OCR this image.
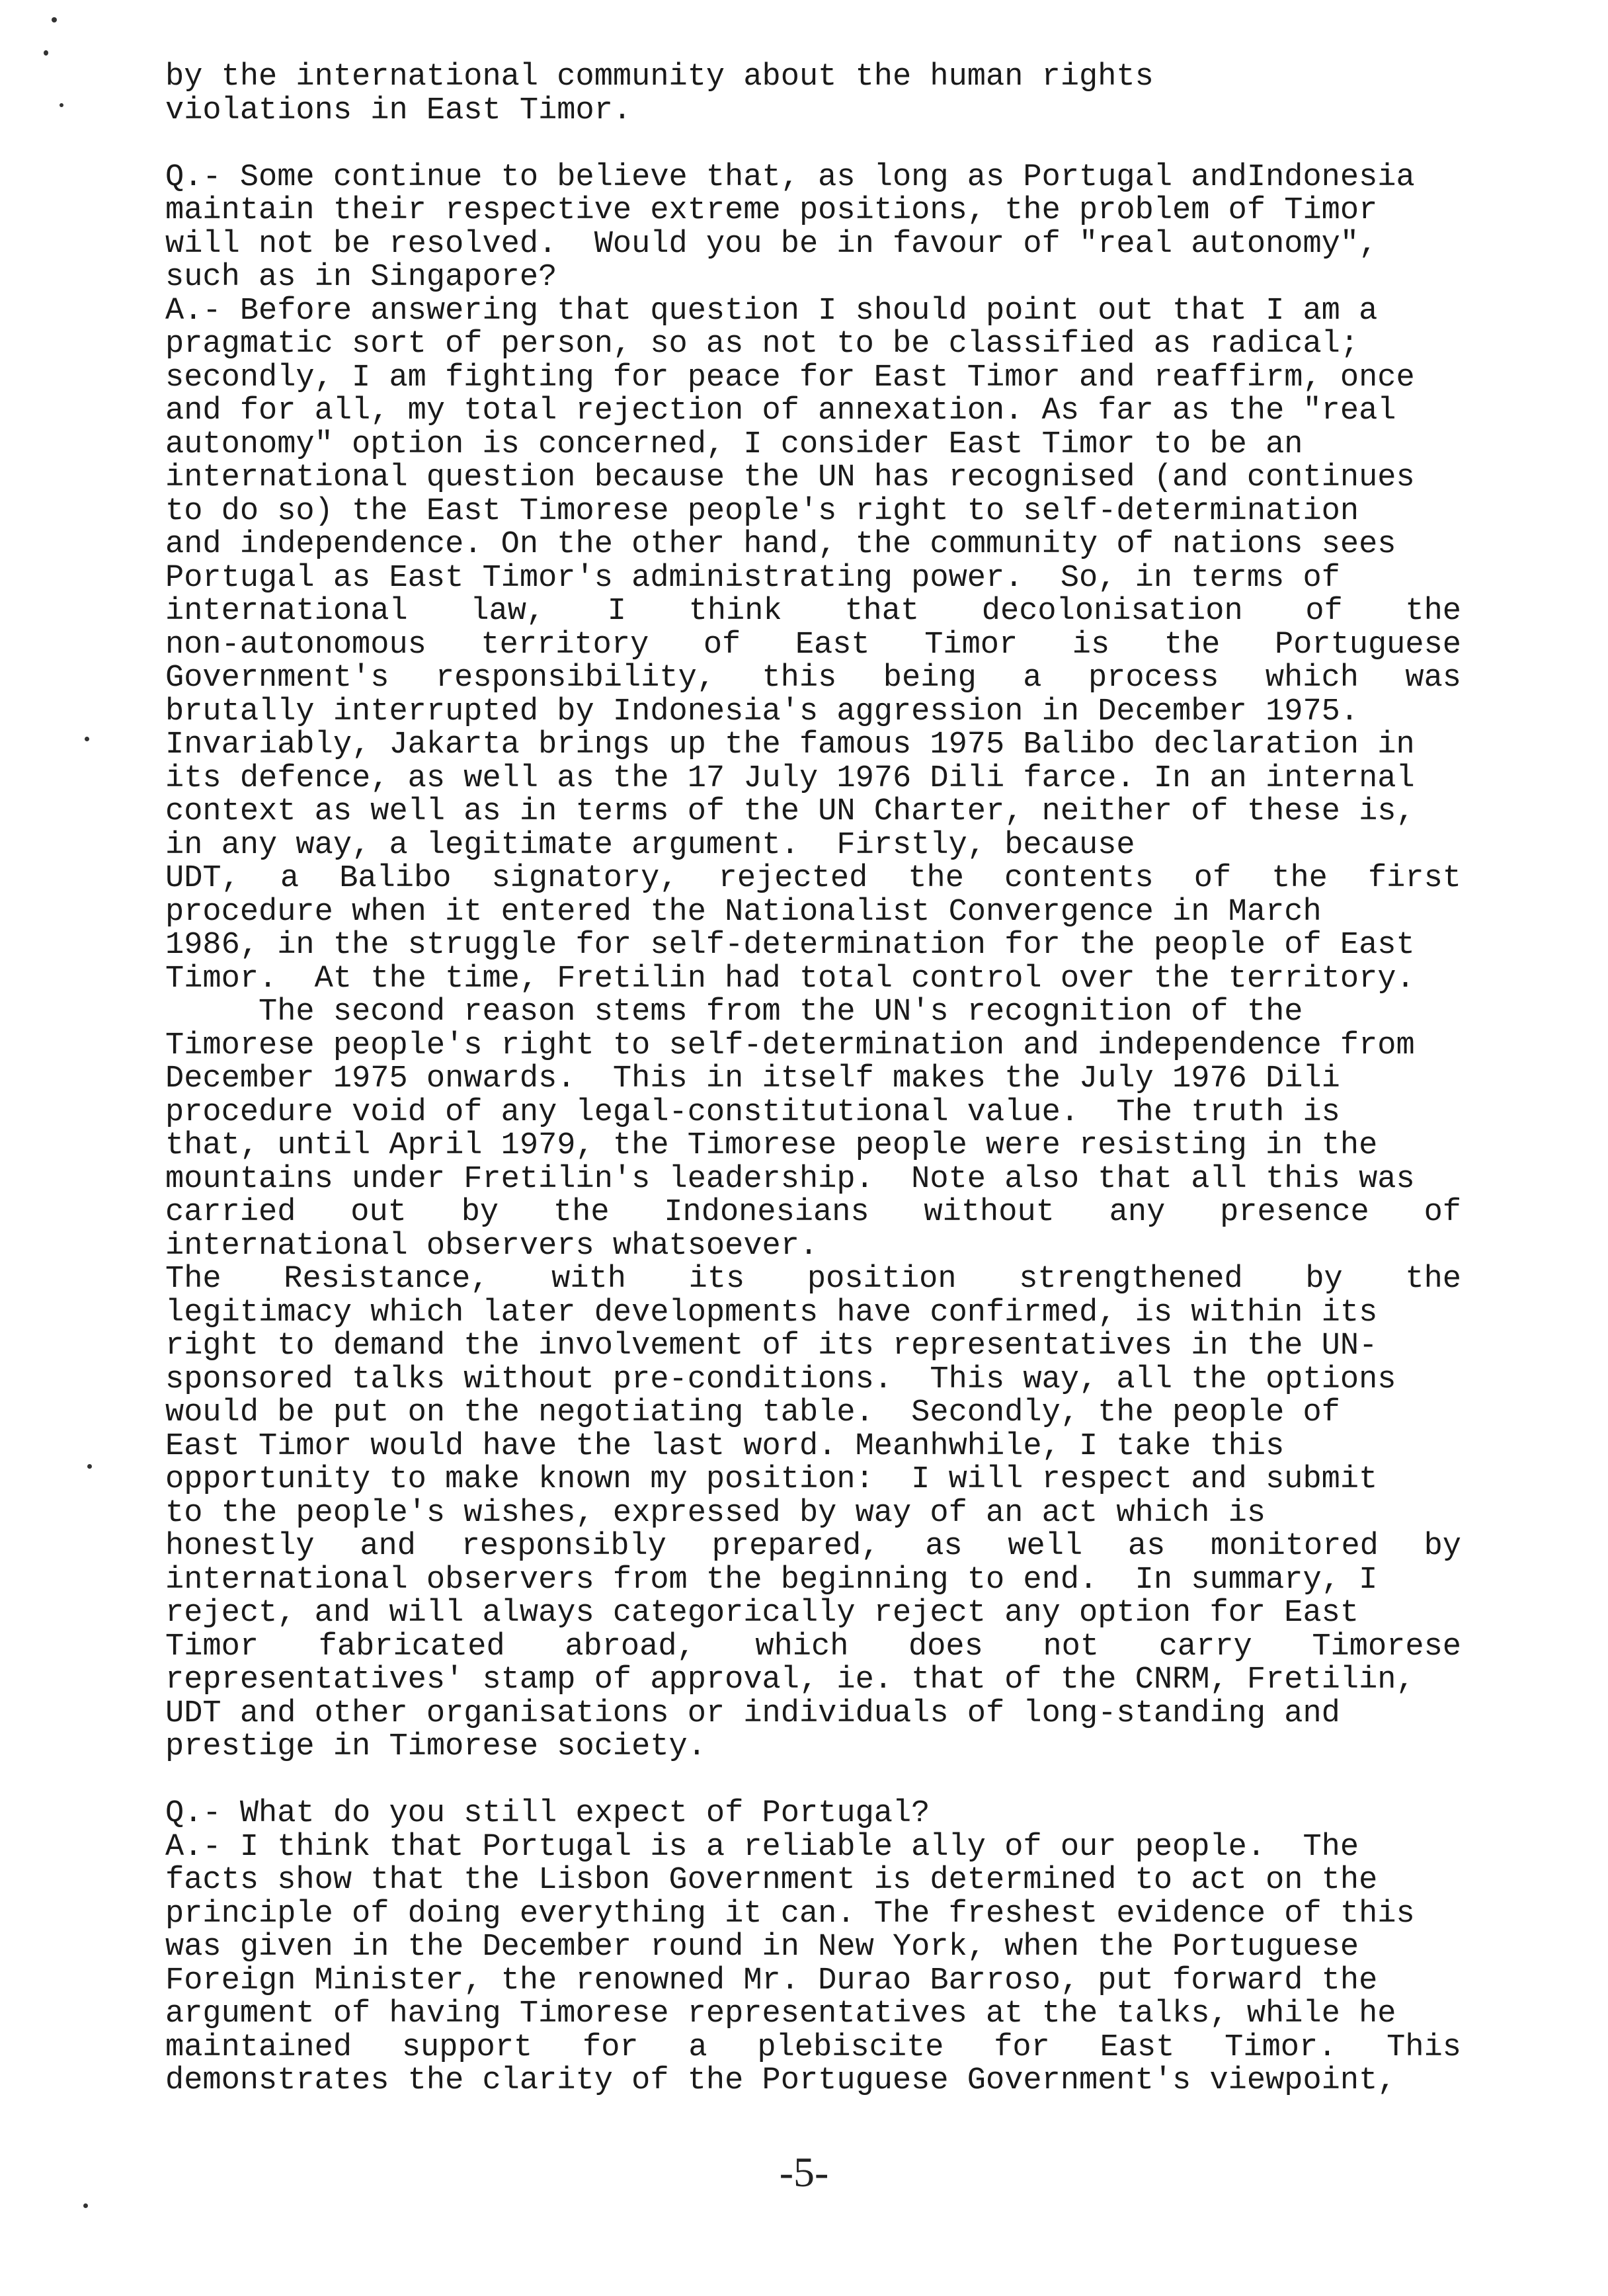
by the international community about the human rights
violations in East Timor.
Q.- Some continue to believe that, as long as Portugal andIndonesia
maintain their respective extreme positions, the problem of Timor
will not be resolved.  Would you be in favour of "real autonomy",
such as in Singapore?
A.- Before answering that question I should point out that I am a
pragmatic sort of person, so as not to be classified as radical;
secondly, I am fighting for peace for East Timor and reaffirm, once
and for all, my total rejection of annexation. As far as the "real
autonomy" option is concerned, I consider East Timor to be an
international question because the UN has recognised (and continues
to do so) the East Timorese people's right to self-determination
and independence. On the other hand, the community of nations sees
Portugal as East Timor's administrating power.  So, in terms of
international law, I think that decolonisation of the
non-autonomous territory of East Timor is the Portuguese
Government's responsibility, this being a process which was
brutally interrupted by Indonesia's aggression in December 1975.
Invariably, Jakarta brings up the famous 1975 Balibo declaration in
its defence, as well as the 17 July 1976 Dili farce. In an internal
context as well as in terms of the UN Charter, neither of these is,
in any way, a legitimate argument.  Firstly, because
UDT, a Balibo signatory, rejected the contents of the first
procedure when it entered the Nationalist Convergence in March
1986, in the struggle for self-determination for the people of East
Timor.  At the time, Fretilin had total control over the territory.
The second reason stems from the UN's recognition of the
Timorese people's right to self-determination and independence from
December 1975 onwards.  This in itself makes the July 1976 Dili
procedure void of any legal-constitutional value.  The truth is
that, until April 1979, the Timorese people were resisting in the
mountains under Fretilin's leadership.  Note also that all this was
carried out by the Indonesians without any presence of
international observers whatsoever.
The Resistance, with its position strengthened by the
legitimacy which later developments have confirmed, is within its
right to demand the involvement of its representatives in the UN-
sponsored talks without pre-conditions.  This way, all the options
would be put on the negotiating table.  Secondly, the people of
East Timor would have the last word. Meanhwhile, I take this
opportunity to make known my position:  I will respect and submit
to the people's wishes, expressed by way of an act which is
honestly and responsibly prepared, as well as monitored by
international observers from the beginning to end.  In summary, I
reject, and will always categorically reject any option for East
Timor fabricated abroad, which does not carry Timorese
representatives' stamp of approval, ie. that of the CNRM, Fretilin,
UDT and other organisations or individuals of long-standing and
prestige in Timorese society.
Q.- What do you still expect of Portugal?
A.- I think that Portugal is a reliable ally of our people.  The
facts show that the Lisbon Government is determined to act on the
principle of doing everything it can. The freshest evidence of this
was given in the December round in New York, when the Portuguese
Foreign Minister, the renowned Mr. Durao Barroso, put forward the
argument of having Timorese representatives at the talks, while he
maintained support for a plebiscite for East Timor. This
demonstrates the clarity of the Portuguese Government's viewpoint,
-5-
